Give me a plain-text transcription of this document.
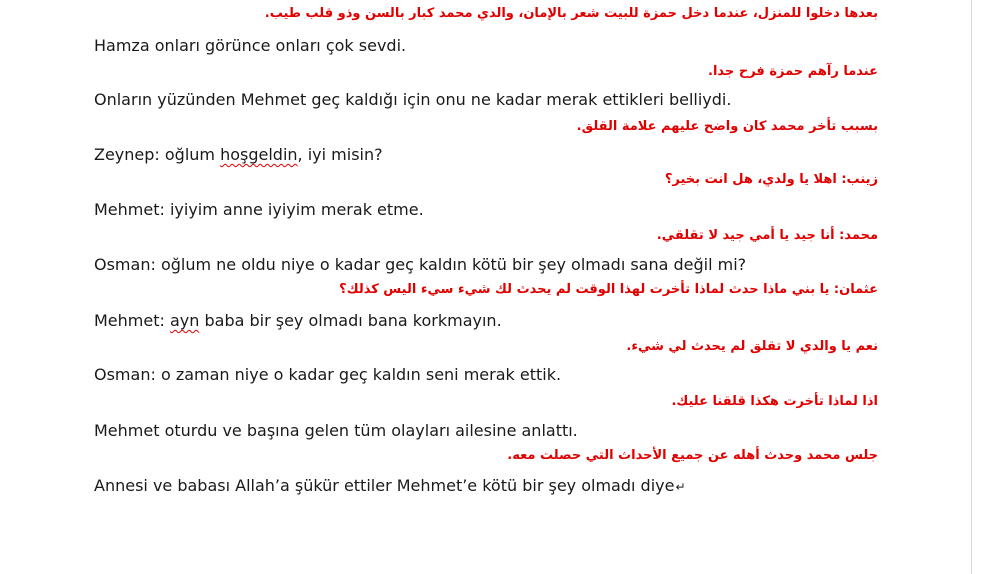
بعدها دخلوا للمنزل، عندما دخل حمزة للبيت شعر بالإمان، والدي محمد كبار بالسن وذو قلب طيب.
Hamza onları görünce onları çok sevdi.
عندما رآهم حمزة فرح جدا.
Onların yüzünden Mehmet geç kaldığı için onu ne kadar merak ettikleri belliydi.
بسبب تأخر محمد كان واضح عليهم علامة القلق.
Zeynep: oğlum hoşgeldin, iyi misin?
زينب: اهلا يا ولدي، هل انت بخير؟
Mehmet: iyiyim anne iyiyim merak etme.
محمد: أنا جيد يا أمي جيد لا تقلقي.
Osman: oğlum ne oldu niye o kadar geç kaldın kötü bir şey olmadı sana değil mi?
عثمان: يا بني ماذا حدث لماذا تأخرت لهذا الوقت لم يحدث لك شيء سيء اليس كذلك؟
Mehmet: ayn baba bir şey olmadı bana korkmayın.
نعم يا والدي لا تقلق لم يحدث لي شيء.
Osman: o zaman niye o kadar geç kaldın seni merak ettik.
اذا لماذا تأخرت هكذا قلقنا عليك.
Mehmet oturdu ve başına gelen tüm olayları ailesine anlattı.
جلس محمد وحدث أهله عن جميع الأحداث التي حصلت معه.
Annesi ve babası Allah’a şükür ettiler Mehmet’e kötü bir şey olmadı diye↵
